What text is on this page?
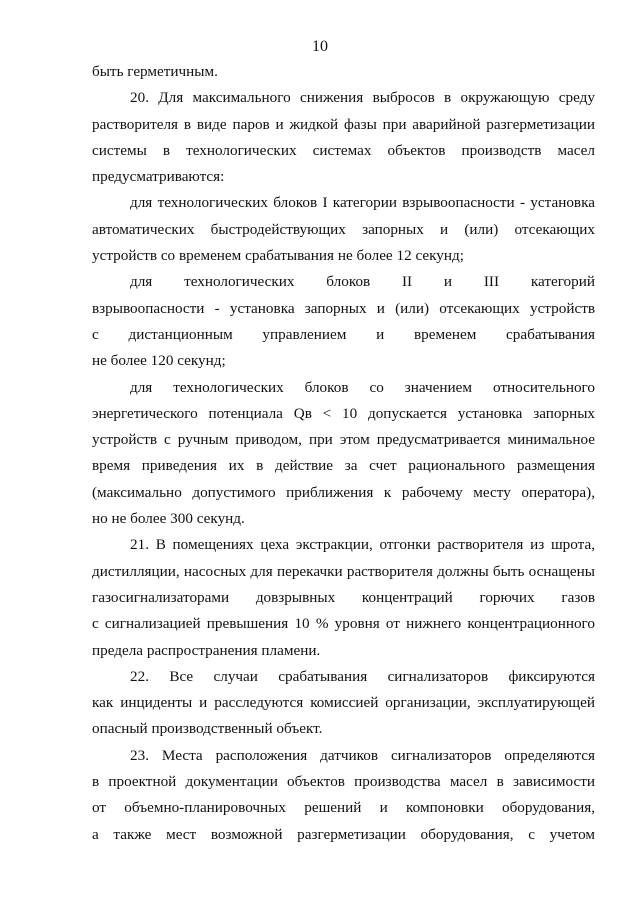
10

быть герметичным.

20. Для максимального снижения выбросов в окружающую среду

растворителя в виде паров и жидкой фазы при аварийной разгерметизации

системы в технологических системах объектов производств масел

предусматриваются:

для технологических блоков I категории взрывоопасности - установка

автоматических быстродействующих запорных и (или) отсекающих

устройств со временем срабатывания не более 12 секунд;

для технологических блоков II и III категорий

взрывоопасности - установка запорных и (или) отсекающих устройств

с дистанционным управлением и временем срабатывания

не более 120 секунд;

для технологических блоков со значением относительного

энергетического потенциала Qв < 10 допускается установка запорных

устройств с ручным приводом, при этом предусматривается минимальное

время приведения их в действие за счет рационального размещения

(максимально допустимого приближения к рабочему месту оператора),

но не более 300 секунд.

21. В помещениях цеха экстракции, отгонки растворителя из шрота,

дистилляции, насосных для перекачки растворителя должны быть оснащены

газосигнализаторами довзрывных концентраций горючих газов

с сигнализацией превышения 10 % уровня от нижнего концентрационного

предела распространения пламени.

22. Все случаи срабатывания сигнализаторов фиксируются

как инциденты и расследуются комиссией организации, эксплуатирующей

опасный производственный объект.

23. Места расположения датчиков сигнализаторов определяются

в проектной документации объектов производства масел в зависимости

от объемно-планировочных решений и компоновки оборудования,

а также мест возможной разгерметизации оборудования, с учетом
